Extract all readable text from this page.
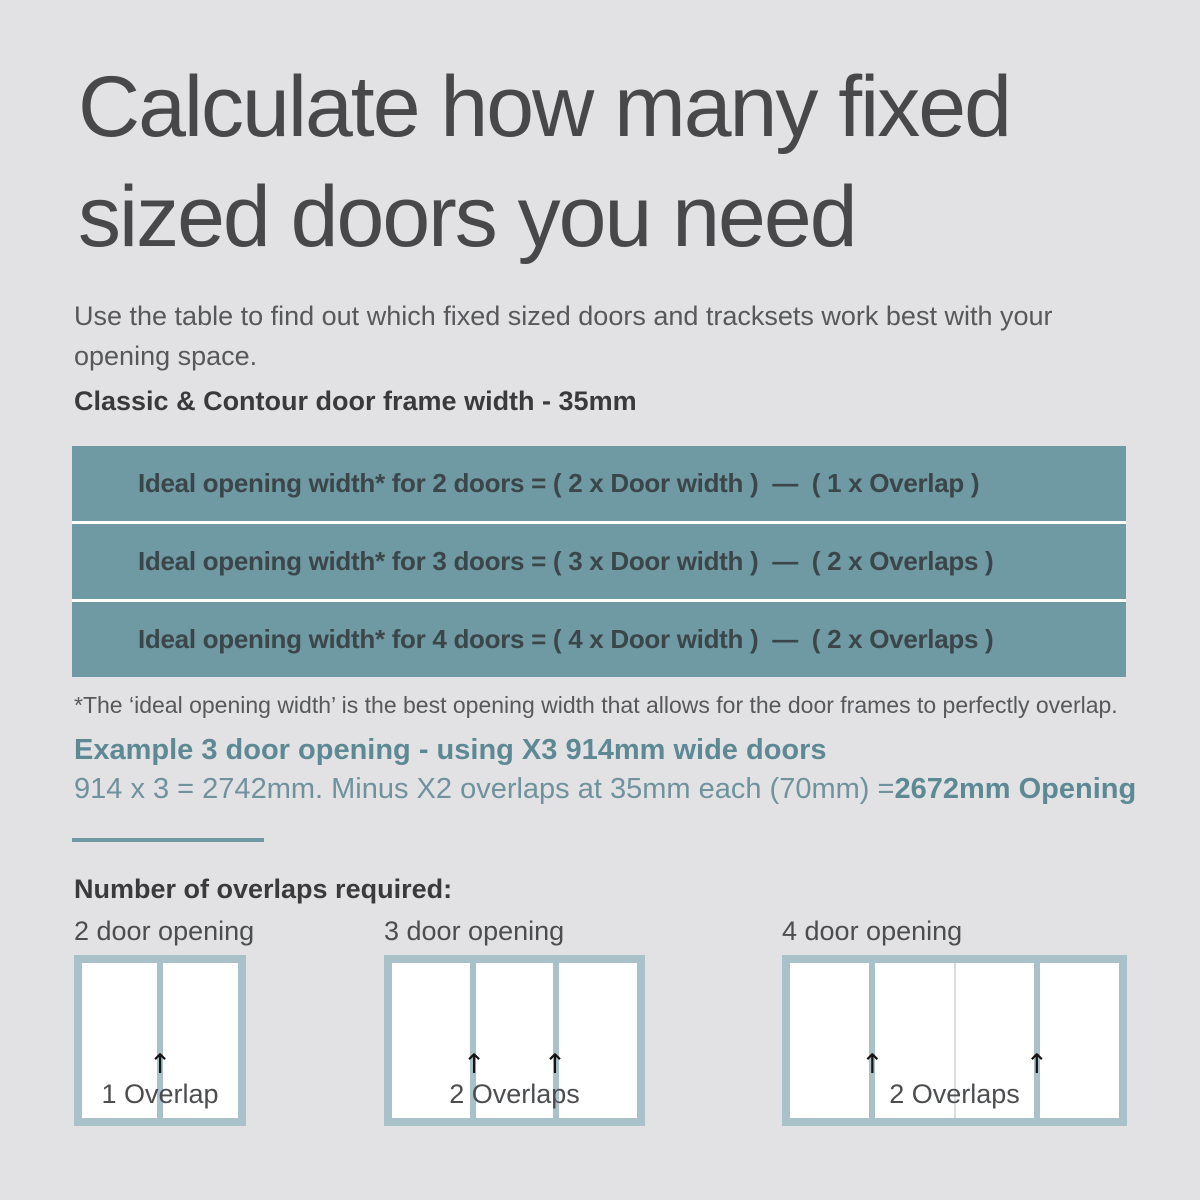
Calculate how many fixed
sized doors you need
Use the table to find out which fixed sized doors and tracksets work best with your
opening space.
Classic & Contour door frame width - 35mm
Ideal opening width* for 2 doors = ( 2 x Door width )  —  ( 1 x Overlap )
Ideal opening width* for 3 doors = ( 3 x Door width )  —  ( 2 x Overlaps )
Ideal opening width* for 4 doors = ( 4 x Door width )  —  ( 2 x Overlaps )
*The ‘ideal opening width’ is the best opening width that allows for the door frames to perfectly overlap.
Example 3 door opening - using X3 914mm wide doors
914 x 3 = 2742mm. Minus X2 overlaps at 35mm each (70mm) =2672mm Opening
Number of overlaps required:
2 door opening	3 door opening	4 door opening
↑
1 Overlap
↑ ↑
2 Overlaps
↑	↑
2 Overlaps
